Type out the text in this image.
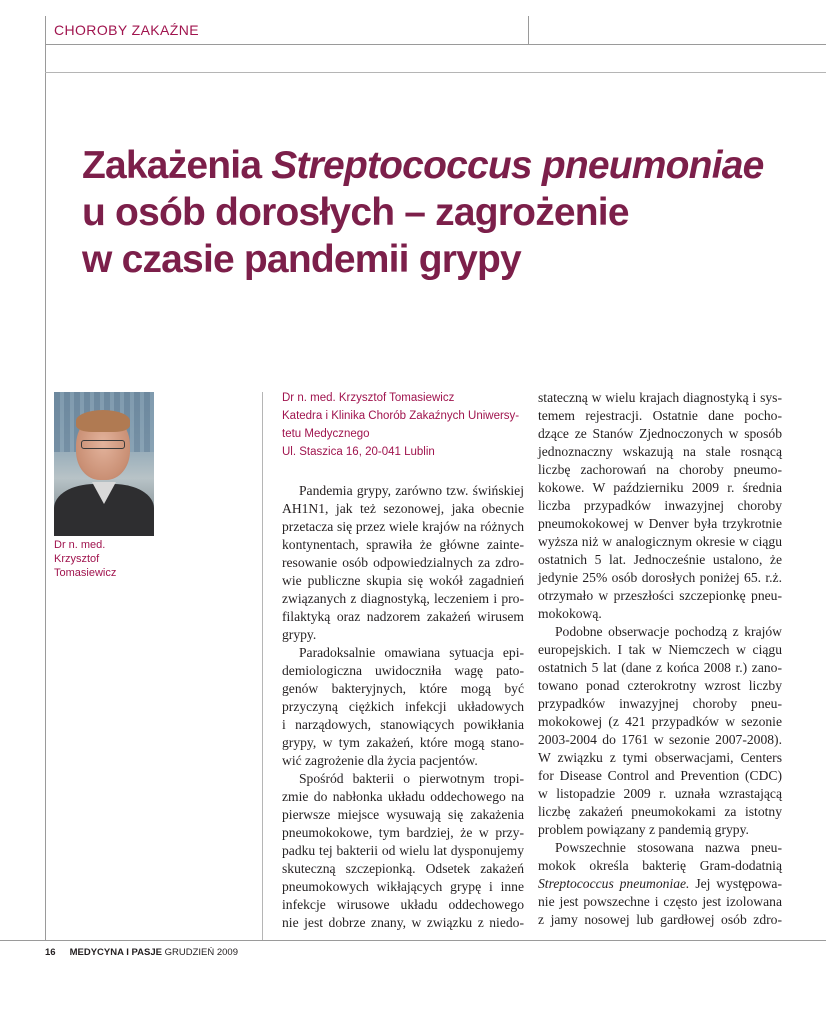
CHOROBY ZAKAŹNE
Zakażenia Streptococcus pneumoniae
u osób dorosłych – zagrożenie
w czasie pandemii grypy
Dr n. med.
Krzysztof
Tomasiewicz
Dr n. med. Krzysztof Tomasiewicz
Katedra i Klinika Chorób Zakaźnych Uniwersy-
tetu Medycznego
Ul. Staszica 16, 20-041 Lublin
Pandemia grypy, zarówno tzw. świńskiej
AH1N1, jak też sezonowej, jaka obecnie
przetacza się przez wiele krajów na różnych
kontynentach, sprawiła że główne zainte-
resowanie osób odpowiedzialnych za zdro-
wie publiczne skupia się wokół zagadnień
związanych z diagnostyką, leczeniem i pro-
filaktyką oraz nadzorem zakażeń wirusem
grypy.
Paradoksalnie omawiana sytuacja epi-
demiologiczna uwidoczniła wagę pato-
genów bakteryjnych, które mogą być
przyczyną ciężkich infekcji układowych
i narządowych, stanowiących powikłania
grypy, w tym zakażeń, które mogą stano-
wić zagrożenie dla życia pacjentów.
Spośród bakterii o pierwotnym tropi-
zmie do nabłonka układu oddechowego na
pierwsze miejsce wysuwają się zakażenia
pneumokokowe, tym bardziej, że w przy-
padku tej bakterii od wielu lat dysponujemy
skuteczną szczepionką. Odsetek zakażeń
pneumokowych wikłających grypę i inne
infekcje wirusowe układu oddechowego
nie jest dobrze znany, w związku z niedo-
stateczną w wielu krajach diagnostyką i sys-
temem rejestracji. Ostatnie dane pocho-
dzące ze Stanów Zjednoczonych w sposób
jednoznaczny wskazują na stale rosnącą
liczbę zachorowań na choroby pneumo-
kokowe. W październiku 2009 r. średnia
liczba przypadków inwazyjnej choroby
pneumokokowej w Denver była trzykrotnie
wyższa niż w analogicznym okresie w ciągu
ostatnich 5 lat. Jednocześnie ustalono, że
jedynie 25% osób dorosłych poniżej 65. r.ż.
otrzymało w przeszłości szczepionkę pneu-
mokokową.
Podobne obserwacje pochodzą z krajów
europejskich. I tak w Niemczech w ciągu
ostatnich 5 lat (dane z końca 2008 r.) zano-
towano ponad czterokrotny wzrost liczby
przypadków inwazyjnej choroby pneu-
mokokowej (z 421 przypadków w sezonie
2003-2004 do 1761 w sezonie 2007-2008).
W związku z tymi obserwacjami, Centers
for Disease Control and Prevention (CDC)
w listopadzie 2009 r. uznała wzrastającą
liczbę zakażeń pneumokokami za istotny
problem powiązany z pandemią grypy.
Powszechnie stosowana nazwa pneu-
mokok określa bakterię Gram-dodatnią
Streptococcus pneumoniae. Jej występowa-
nie jest powszechne i często jest izolowana
z jamy nosowej lub gardłowej osób zdro-
16 MEDYCYNA I PASJE GRUDZIEŃ 2009
